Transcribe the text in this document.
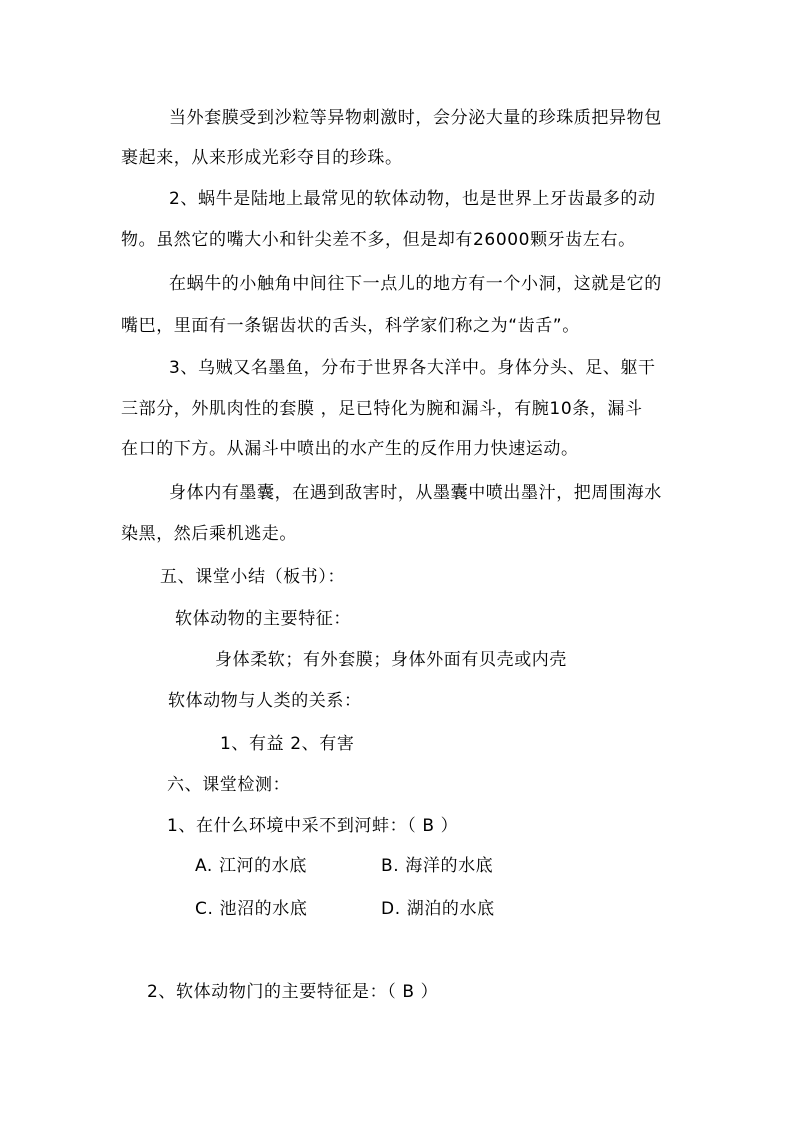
当外套膜受到沙粒等异物刺激时，会分泌大量的珍珠质把异物包
裹起来，从来形成光彩夺目的珍珠。
2、蜗牛是陆地上最常见的软体动物，也是世界上牙齿最多的动
物。虽然它的嘴大小和针尖差不多，但是却有26000颗牙齿左右。
在蜗牛的小触角中间往下一点儿的地方有一个小洞，这就是它的
嘴巴，里面有一条锯齿状的舌头，科学家们称之为“齿舌”。
3、乌贼又名墨鱼，分布于世界各大洋中。身体分头、足、躯干
三部分，外肌肉性的套膜 ，足已特化为腕和漏斗，有腕10条，漏斗
在口的下方。从漏斗中喷出的水产生的反作用力快速运动。
身体内有墨囊，在遇到敌害时，从墨囊中喷出墨汁，把周围海水
染黑，然后乘机逃走。
五、课堂小结（板书）：
软体动物的主要特征：
身体柔软；有外套膜；身体外面有贝壳或内壳
软体动物与人类的关系：
1、有益 2、有害
六、课堂检测：
1、在什么环境中采不到河蚌：（ B ）
A. 江河的水底	B. 海洋的水底
C. 池沼的水底	D. 湖泊的水底
2、软体动物门的主要特征是：（ B ）
